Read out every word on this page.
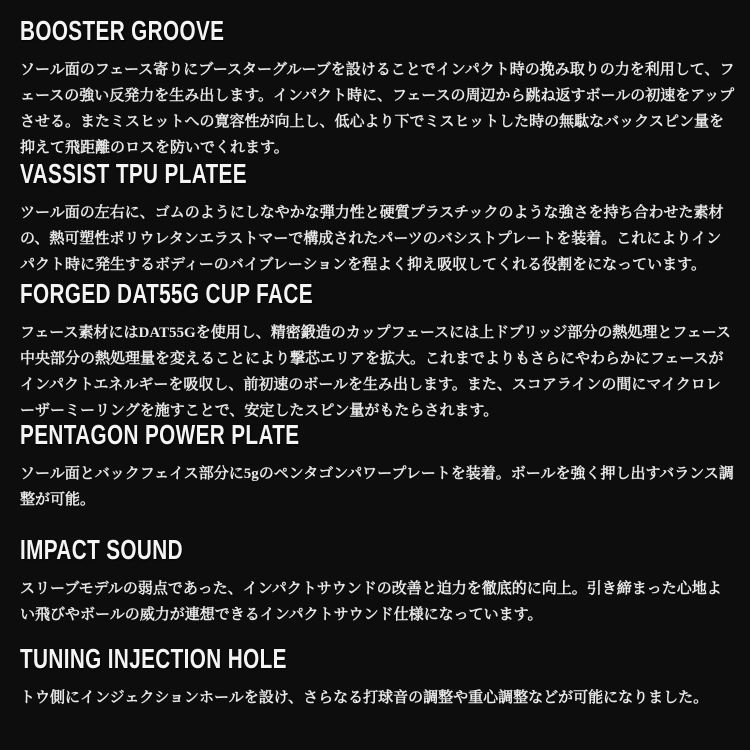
BOOSTER GROOVE

ソール面のフェース寄りにブースターグルーブを設けることでインパクト時の挽み取りの力を利用して、フェースの強い反発力を生み出します。インパクト時に、フェースの周辺から跳ね返すボールの初速をアップさせる。またミスヒットへの寛容性が向上し、低心より下でミスヒットした時の無駄なバックスピン量を抑えて飛距離のロスを防いでくれます。

VASSIST TPU PLATEE

ツール面の左右に、ゴムのようにしなやかな弾力性と硬質プラスチックのような強さを持ち合わせた素材の、熱可塑性ポリウレタンエラストマーで構成されたパーツのバシストプレートを装着。これによりインパクト時に発生するボディーのバイブレーションを程よく抑え吸収してくれる役割をになっています。

FORGED DAT55G CUP FACE

フェース素材にはDAT55Gを使用し、精密鍛造のカップフェースには上ドブリッジ部分の熱処理とフェース中央部分の熱処理量を変えることにより撃芯エリアを拡大。これまでよりもさらにやわらかにフェースがインパクトエネルギーを吸収し、前初速のボールを生み出します。また、スコアラインの間にマイクロレーザーミーリングを施すことで、安定したスピン量がもたらされます。

PENTAGON POWER PLATE

ソール面とバックフェイス部分に5gのペンタゴンパワープレートを装着。ボールを強く押し出すバランス調整が可能。

IMPACT SOUND

スリーブモデルの弱点であった、インパクトサウンドの改善と迫力を徹底的に向上。引き締まった心地よい飛びやボールの威力が連想できるインパクトサウンド仕様になっています。

TUNING INJECTION HOLE

トウ側にインジェクションホールを設け、さらなる打球音の調整や重心調整などが可能になりました。
